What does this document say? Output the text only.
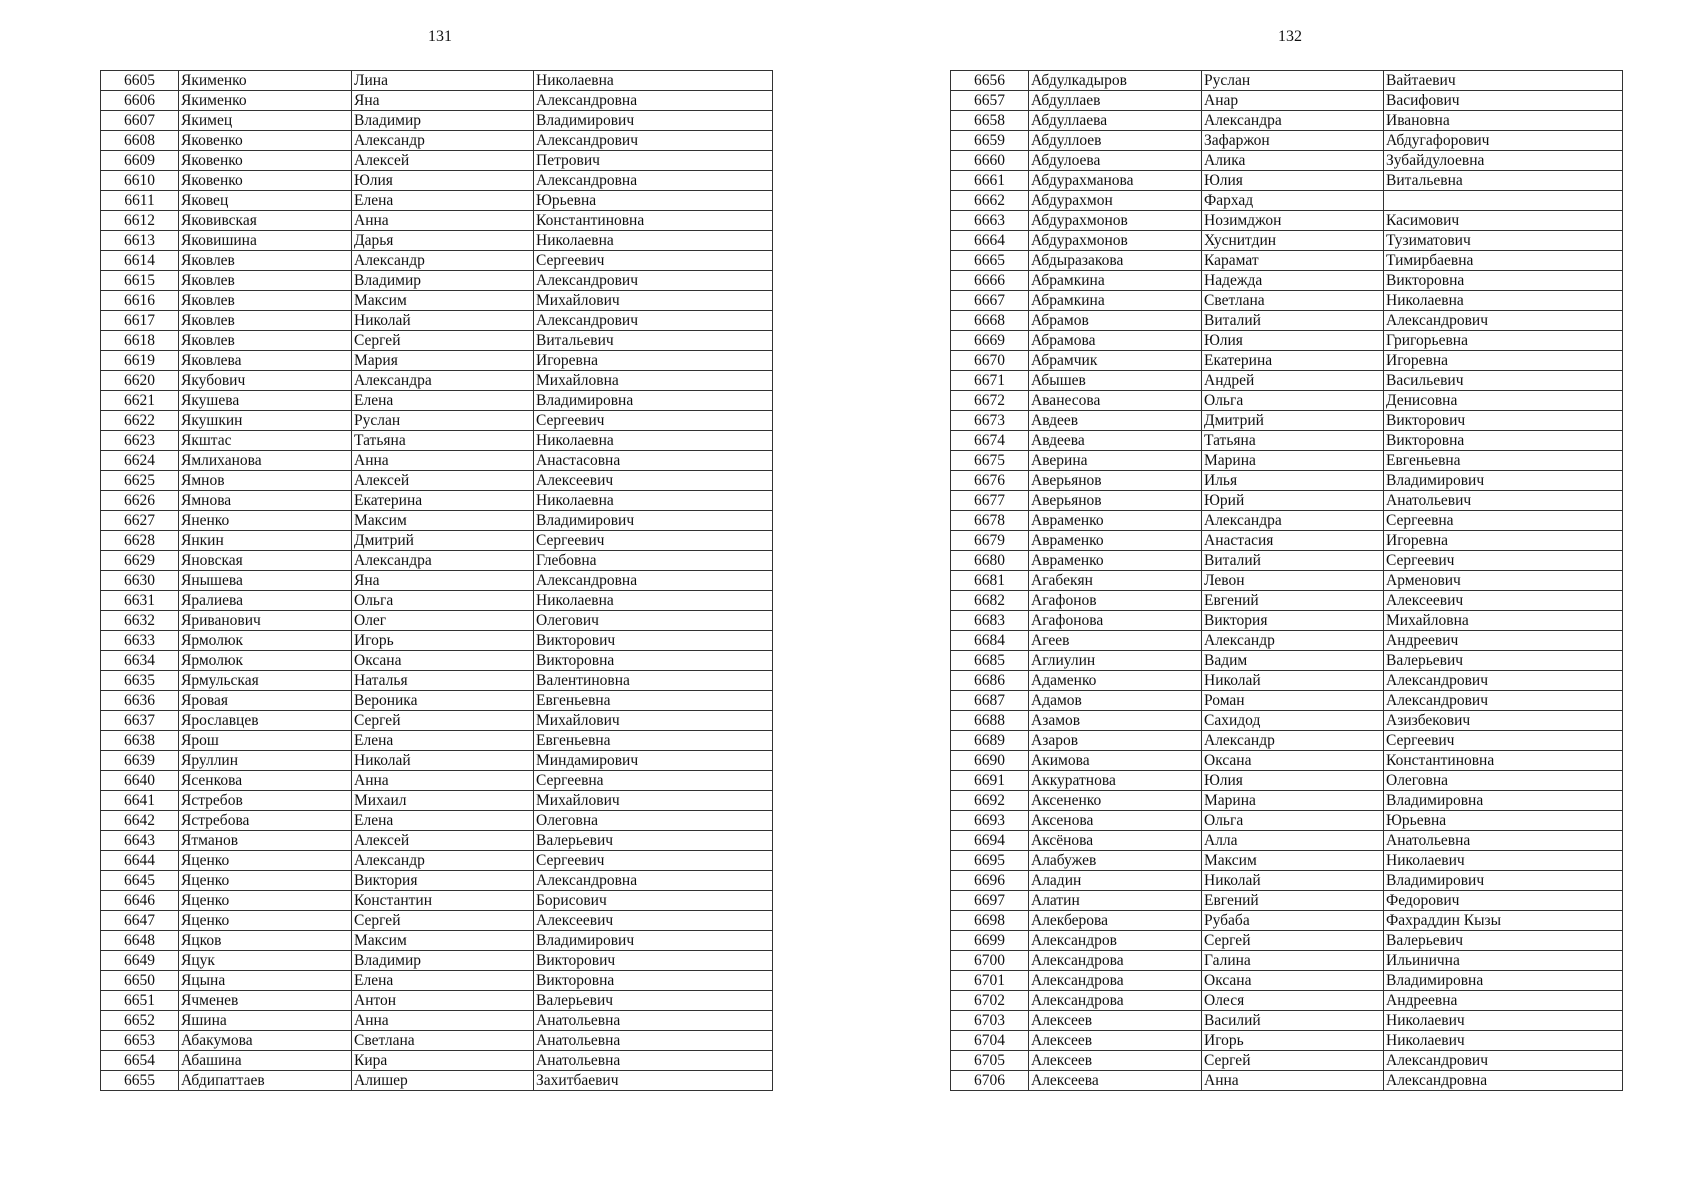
131
6605	Якименко	Лина	Николаевна
6606	Якименко	Яна	Александровна
6607	Якимец	Владимир	Владимирович
6608	Яковенко	Александр	Александрович
6609	Яковенко	Алексей	Петрович
6610	Яковенко	Юлия	Александровна
6611	Яковец	Елена	Юрьевна
6612	Яковивская	Анна	Константиновна
6613	Яковишина	Дарья	Николаевна
6614	Яковлев	Александр	Сергеевич
6615	Яковлев	Владимир	Александрович
6616	Яковлев	Максим	Михайлович
6617	Яковлев	Николай	Александрович
6618	Яковлев	Сергей	Витальевич
6619	Яковлева	Мария	Игоревна
6620	Якубович	Александра	Михайловна
6621	Якушева	Елена	Владимировна
6622	Якушкин	Руслан	Сергеевич
6623	Якштас	Татьяна	Николаевна
6624	Ямлиханова	Анна	Анастасовна
6625	Ямнов	Алексей	Алексеевич
6626	Ямнова	Екатерина	Николаевна
6627	Яненко	Максим	Владимирович
6628	Янкин	Дмитрий	Сергеевич
6629	Яновская	Александра	Глебовна
6630	Янышева	Яна	Александровна
6631	Яралиева	Ольга	Николаевна
6632	Яриванович	Олег	Олегович
6633	Ярмолюк	Игорь	Викторович
6634	Ярмолюк	Оксана	Викторовна
6635	Ярмульская	Наталья	Валентиновна
6636	Яровая	Вероника	Евгеньевна
6637	Ярославцев	Сергей	Михайлович
6638	Ярош	Елена	Евгеньевна
6639	Яруллин	Николай	Миндамирович
6640	Ясенкова	Анна	Сергеевна
6641	Ястребов	Михаил	Михайлович
6642	Ястребова	Елена	Олеговна
6643	Ятманов	Алексей	Валерьевич
6644	Яценко	Александр	Сергеевич
6645	Яценко	Виктория	Александровна
6646	Яценко	Константин	Борисович
6647	Яценко	Сергей	Алексеевич
6648	Яцков	Максим	Владимирович
6649	Яцук	Владимир	Викторович
6650	Яцына	Елена	Викторовна
6651	Ячменев	Антон	Валерьевич
6652	Яшина	Анна	Анатольевна
6653	Абакумова	Светлана	Анатольевна
6654	Абашина	Кира	Анатольевна
6655	Абдипаттаев	Алишер	Захитбаевич
132
6656	Абдулкадыров	Руслан	Вайтаевич
6657	Абдуллаев	Анар	Васифович
6658	Абдуллаева	Александра	Ивановна
6659	Абдуллоев	Зафаржон	Абдугафорович
6660	Абдулоева	Алика	Зубайдулоевна
6661	Абдурахманова	Юлия	Витальевна
6662	Абдурахмон	Фархад	
6663	Абдурахмонов	Нозимджон	Касимович
6664	Абдурахмонов	Хуснитдин	Тузиматович
6665	Абдыразакова	Карамат	Тимирбаевна
6666	Абрамкина	Надежда	Викторовна
6667	Абрамкина	Светлана	Николаевна
6668	Абрамов	Виталий	Александрович
6669	Абрамова	Юлия	Григорьевна
6670	Абрамчик	Екатерина	Игоревна
6671	Абышев	Андрей	Васильевич
6672	Аванесова	Ольга	Денисовна
6673	Авдеев	Дмитрий	Викторович
6674	Авдеева	Татьяна	Викторовна
6675	Аверина	Марина	Евгеньевна
6676	Аверьянов	Илья	Владимирович
6677	Аверьянов	Юрий	Анатольевич
6678	Авраменко	Александра	Сергеевна
6679	Авраменко	Анастасия	Игоревна
6680	Авраменко	Виталий	Сергеевич
6681	Агабекян	Левон	Арменович
6682	Агафонов	Евгений	Алексеевич
6683	Агафонова	Виктория	Михайловна
6684	Агеев	Александр	Андреевич
6685	Аглиулин	Вадим	Валерьевич
6686	Адаменко	Николай	Александрович
6687	Адамов	Роман	Александрович
6688	Азамов	Сахидод	Азизбекович
6689	Азаров	Александр	Сергеевич
6690	Акимова	Оксана	Константиновна
6691	Аккуратнова	Юлия	Олеговна
6692	Аксененко	Марина	Владимировна
6693	Аксенова	Ольга	Юрьевна
6694	Аксёнова	Алла	Анатольевна
6695	Алабужев	Максим	Николаевич
6696	Аладин	Николай	Владимирович
6697	Алатин	Евгений	Федорович
6698	Алекберова	Рубаба	Фахраддин Кызы
6699	Александров	Сергей	Валерьевич
6700	Александрова	Галина	Ильинична
6701	Александрова	Оксана	Владимировна
6702	Александрова	Олеся	Андреевна
6703	Алексеев	Василий	Николаевич
6704	Алексеев	Игорь	Николаевич
6705	Алексеев	Сергей	Александрович
6706	Алексеева	Анна	Александровна
